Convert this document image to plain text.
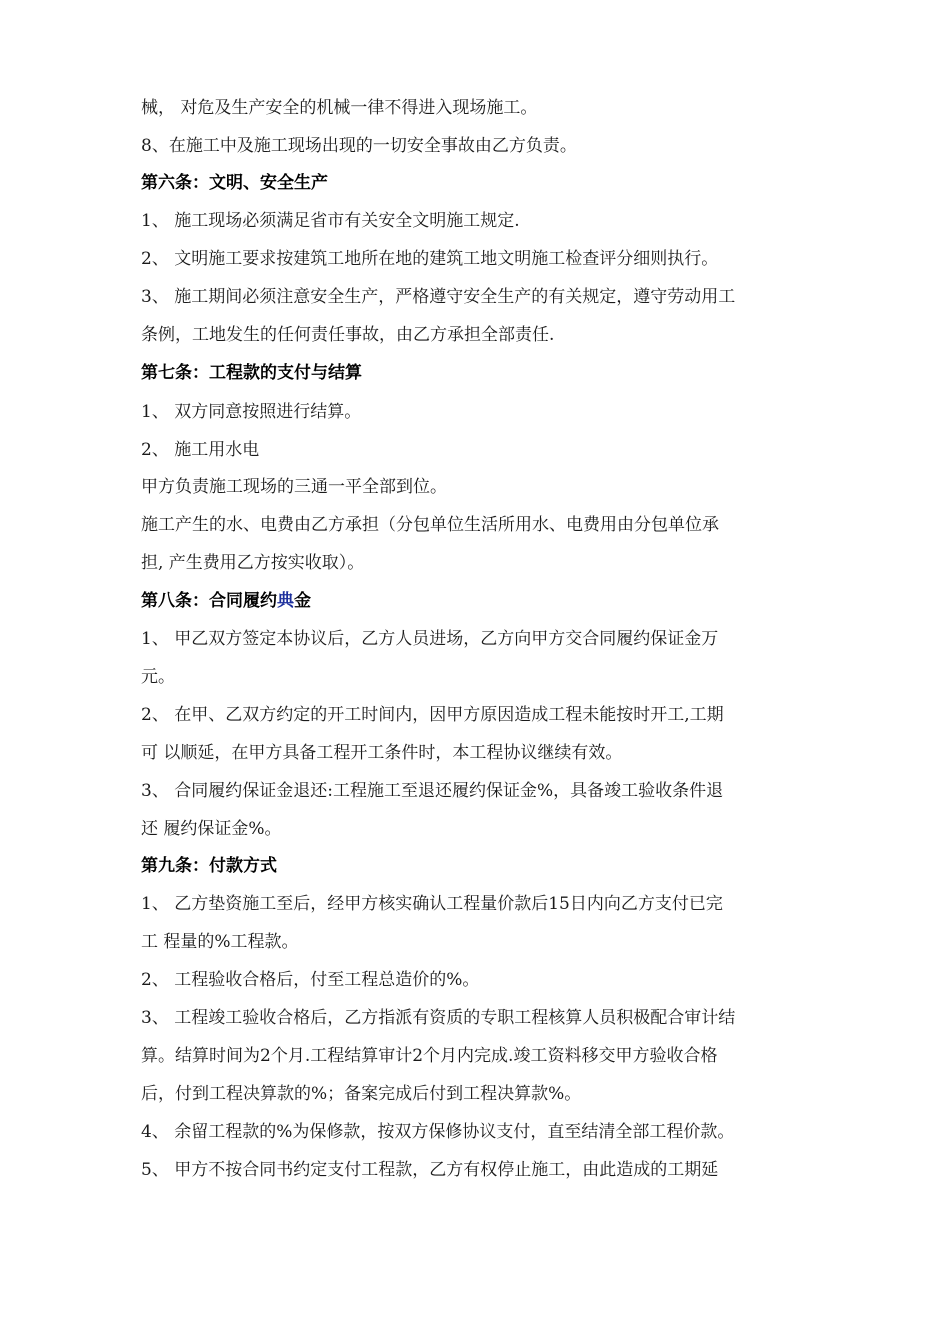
械， 对危及生产安全的机械一律不得进入现场施工。
8、在施工中及施工现场出现的一切安全事故由乙方负责。
第六条：文明、安全生产
1、 施工现场必须满足省市有关安全文明施工规定.
2、 文明施工要求按建筑工地所在地的建筑工地文明施工检查评分细则执行。
3、 施工期间必须注意安全生产，严格遵守安全生产的有关规定，遵守劳动用工
条例，工地发生的任何责任事故，由乙方承担全部责任.
第七条：工程款的支付与结算
1、 双方同意按照进行结算。
2、 施工用水电
甲方负责施工现场的三通一平全部到位。
施工产生的水、电费由乙方承担（分包单位生活所用水、电费用由分包单位承
担, 产生费用乙方按实收取）。
第八条：合同履约典金
1、 甲乙双方签定本协议后，乙方人员进场，乙方向甲方交合同履约保证金万
元。
2、 在甲、乙双方约定的开工时间内，因甲方原因造成工程未能按时开工,工期
可 以顺延，在甲方具备工程开工条件时，本工程协议继续有效。
3、 合同履约保证金退还:工程施工至退还履约保证金%，具备竣工验收条件退
还 履约保证金%。
第九条：付款方式
1、 乙方垫资施工至后，经甲方核实确认工程量价款后15日内向乙方支付已完
工 程量的%工程款。
2、 工程验收合格后，付至工程总造价的%。
3、 工程竣工验收合格后，乙方指派有资质的专职工程核算人员积极配合审计结
算。结算时间为2个月.工程结算审计2个月内完成.竣工资料移交甲方验收合格
后，付到工程决算款的%；备案完成后付到工程决算款%。
4、 余留工程款的%为保修款，按双方保修协议支付，直至结清全部工程价款。
5、 甲方不按合同书约定支付工程款，乙方有权停止施工，由此造成的工期延
